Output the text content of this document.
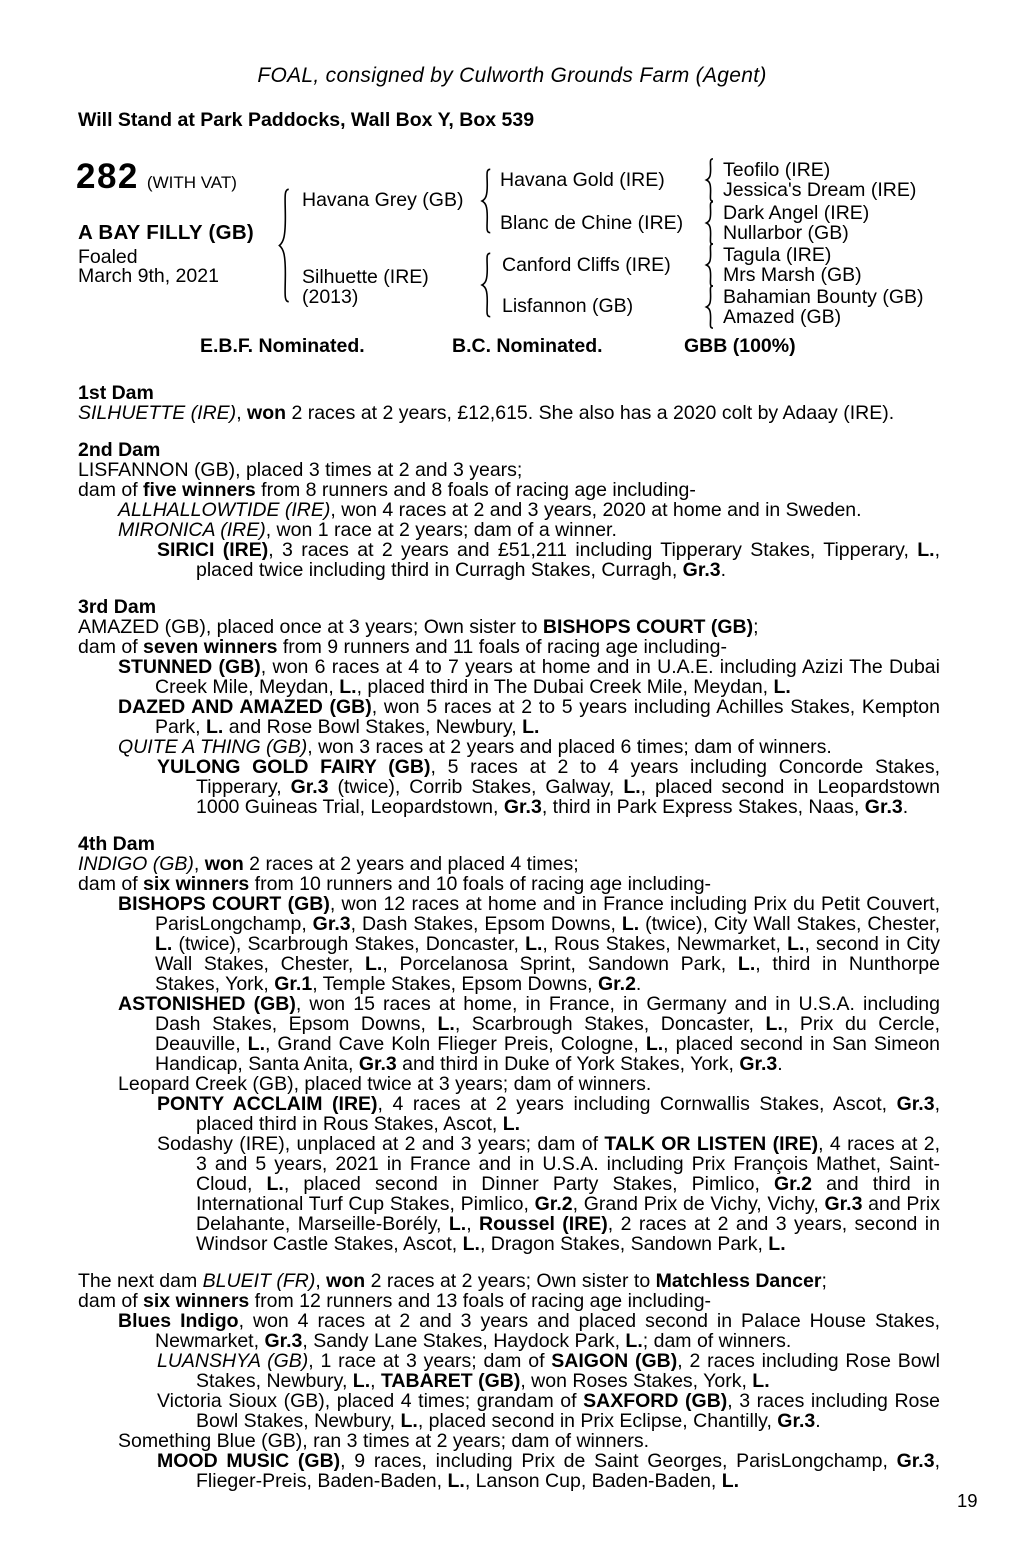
FOAL, consigned by Culworth Grounds Farm (Agent)
Will Stand at Park Paddocks, Wall Box Y, Box 539
282 (WITH VAT)
A BAY FILLY (GB)
Foaled
March 9th, 2021
Havana Grey (GB)
Silhuette (IRE)
(2013)
Havana Gold (IRE)
Blanc de Chine (IRE)
Canford Cliffs (IRE)
Lisfannon (GB)
Teofilo (IRE)
Jessica's Dream (IRE)
Dark Angel (IRE)
Nullarbor (GB)
Tagula (IRE)
Mrs Marsh (GB)
Bahamian Bounty (GB)
Amazed (GB)
E.B.F. Nominated.	B.C. Nominated.	GBB (100%)
1st Dam

SILHUETTE (IRE), won 2 races at 2 years, £12,615. She also has a 2020 colt by Adaay (IRE).

2nd Dam

LISFANNON (GB), placed 3 times at 2 and 3 years;

dam of five winners from 8 runners and 8 foals of racing age including-

ALLHALLOWTIDE (IRE), won 4 races at 2 and 3 years, 2020 at home and in Sweden.

MIRONICA (IRE), won 1 race at 2 years; dam of a winner.

SIRICI (IRE), 3 races at 2 years and £51,211 including Tipperary Stakes, Tipperary, L., placed twice including third in Curragh Stakes, Curragh, Gr.3.

3rd Dam

AMAZED (GB), placed once at 3 years; Own sister to BISHOPS COURT (GB);

dam of seven winners from 9 runners and 11 foals of racing age including-

STUNNED (GB), won 6 races at 4 to 7 years at home and in U.A.E. including Azizi The Dubai Creek Mile, Meydan, L., placed third in The Dubai Creek Mile, Meydan, L.

DAZED AND AMAZED (GB), won 5 races at 2 to 5 years including Achilles Stakes, Kempton Park, L. and Rose Bowl Stakes, Newbury, L.

QUITE A THING (GB), won 3 races at 2 years and placed 6 times; dam of winners.

YULONG GOLD FAIRY (GB), 5 races at 2 to 4 years including Concorde Stakes, Tipperary, Gr.3 (twice), Corrib Stakes, Galway, L., placed second in Leopardstown 1000 Guineas Trial, Leopardstown, Gr.3, third in Park Express Stakes, Naas, Gr.3.

4th Dam

INDIGO (GB), won 2 races at 2 years and placed 4 times;

dam of six winners from 10 runners and 10 foals of racing age including-

BISHOPS COURT (GB), won 12 races at home and in France including Prix du Petit Couvert, ParisLongchamp, Gr.3, Dash Stakes, Epsom Downs, L. (twice), City Wall Stakes, Chester, L. (twice), Scarbrough Stakes, Doncaster, L., Rous Stakes, Newmarket, L., second in City Wall Stakes, Chester, L., Porcelanosa Sprint, Sandown Park, L., third in Nunthorpe Stakes, York, Gr.1, Temple Stakes, Epsom Downs, Gr.2.

ASTONISHED (GB), won 15 races at home, in France, in Germany and in U.S.A. including Dash Stakes, Epsom Downs, L., Scarbrough Stakes, Doncaster, L., Prix du Cercle, Deauville, L., Grand Cave Koln Flieger Preis, Cologne, L., placed second in San Simeon Handicap, Santa Anita, Gr.3 and third in Duke of York Stakes, York, Gr.3.

Leopard Creek (GB), placed twice at 3 years; dam of winners.

PONTY ACCLAIM (IRE), 4 races at 2 years including Cornwallis Stakes, Ascot, Gr.3, placed third in Rous Stakes, Ascot, L.

Sodashy (IRE), unplaced at 2 and 3 years; dam of TALK OR LISTEN (IRE), 4 races at 2, 3 and 5 years, 2021 in France and in U.S.A. including Prix François Mathet, Saint-Cloud, L., placed second in Dinner Party Stakes, Pimlico, Gr.2 and third in International Turf Cup Stakes, Pimlico, Gr.2, Grand Prix de Vichy, Vichy, Gr.3 and Prix Delahante, Marseille-Borély, L., Roussel (IRE), 2 races at 2 and 3 years, second in Windsor Castle Stakes, Ascot, L., Dragon Stakes, Sandown Park, L.

The next dam BLUEIT (FR), won 2 races at 2 years; Own sister to Matchless Dancer;

dam of six winners from 12 runners and 13 foals of racing age including-

Blues Indigo, won 4 races at 2 and 3 years and placed second in Palace House Stakes, Newmarket, Gr.3, Sandy Lane Stakes, Haydock Park, L.; dam of winners.

LUANSHYA (GB), 1 race at 3 years; dam of SAIGON (GB), 2 races including Rose Bowl Stakes, Newbury, L., TABARET (GB), won Roses Stakes, York, L.

Victoria Sioux (GB), placed 4 times; grandam of SAXFORD (GB), 3 races including Rose Bowl Stakes, Newbury, L., placed second in Prix Eclipse, Chantilly, Gr.3.

Something Blue (GB), ran 3 times at 2 years; dam of winners.

MOOD MUSIC (GB), 9 races, including Prix de Saint Georges, ParisLongchamp, Gr.3, Flieger-Preis, Baden-Baden, L., Lanson Cup, Baden-Baden, L.

19
